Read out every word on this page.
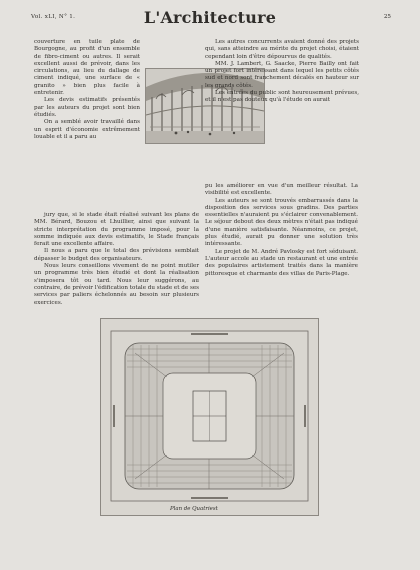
Vol. xLI, N° 1.	L'Architecture	25

couverture en tuile plate de Bourgogne, au profit d'un ensemble de fibro-ciment ou autres. Il serait excellent aussi de prévoir, dans les circulations, au lieu du dallage de ciment indiqué, une surface de « granito » bien plus facile à entretenir.

Les devis estimatifs présentés par les auteurs du projet sont bien étudiés.

On a semblé avoir travaillé dans un esprit d'économie extrêmement louable et il a paru au

jury que, si le stade était réalisé suivant les plans de MM. Bérard, Bouzou et Lhuillier, ainsi que suivant la stricte interprétation du programme imposé, pour la somme indiquée aux devis estimatifs, le Stade français ferait une excellente affaire.

Il nous a paru que le total des prévisions semblait dépasser le budget des organisateurs.

Nous leurs conseillons vivement de ne point mutiler un programme très bien étudié et dont la réalisation s'imposera tôt ou tard. Nous leur suggérons, au contraire, de prévoir l'édification totale du stade et de ses services par paliers échelonnés au besoin sur plusieurs exercices.

Les autres concurrents avaient donné des projets qui, sans atteindre au mérite du projet choisi, étaient cependant loin d'être dépourvus de qualités.

MM. J. Lambert, G. Saacke, Pierre Bailly ont fait un projet fort intéressant dans lequel les petits côtés sud et nord sont franchement décalés en hauteur sur les grands côtés.

Les entrées du public sont heureusement prévues, et il n'est pas douteux qu'à l'étude on aurait

pu les améliorer en vue d'un meilleur résultat. La visibilité est excellente.

Les auteurs se sont trouvés embarrassés dans la disposition des services sous gradins. Des parties essentielles n'auraient pu s'éclairer convenablement. Le séjour debout des deux mètres n'était pas indiqué d'une manière satisfaisante. Néanmoins, ce projet, plus étudié, aurait pu donner une solution très intéressante.

Le projet de M. André Pavlosky est fort séduisant. L'auteur accole au stade un restaurant et une entrée des populaires artistement traités dans la manière pittoresque et charmante des villas de Paris-Plage.

Plan de Quatriest
